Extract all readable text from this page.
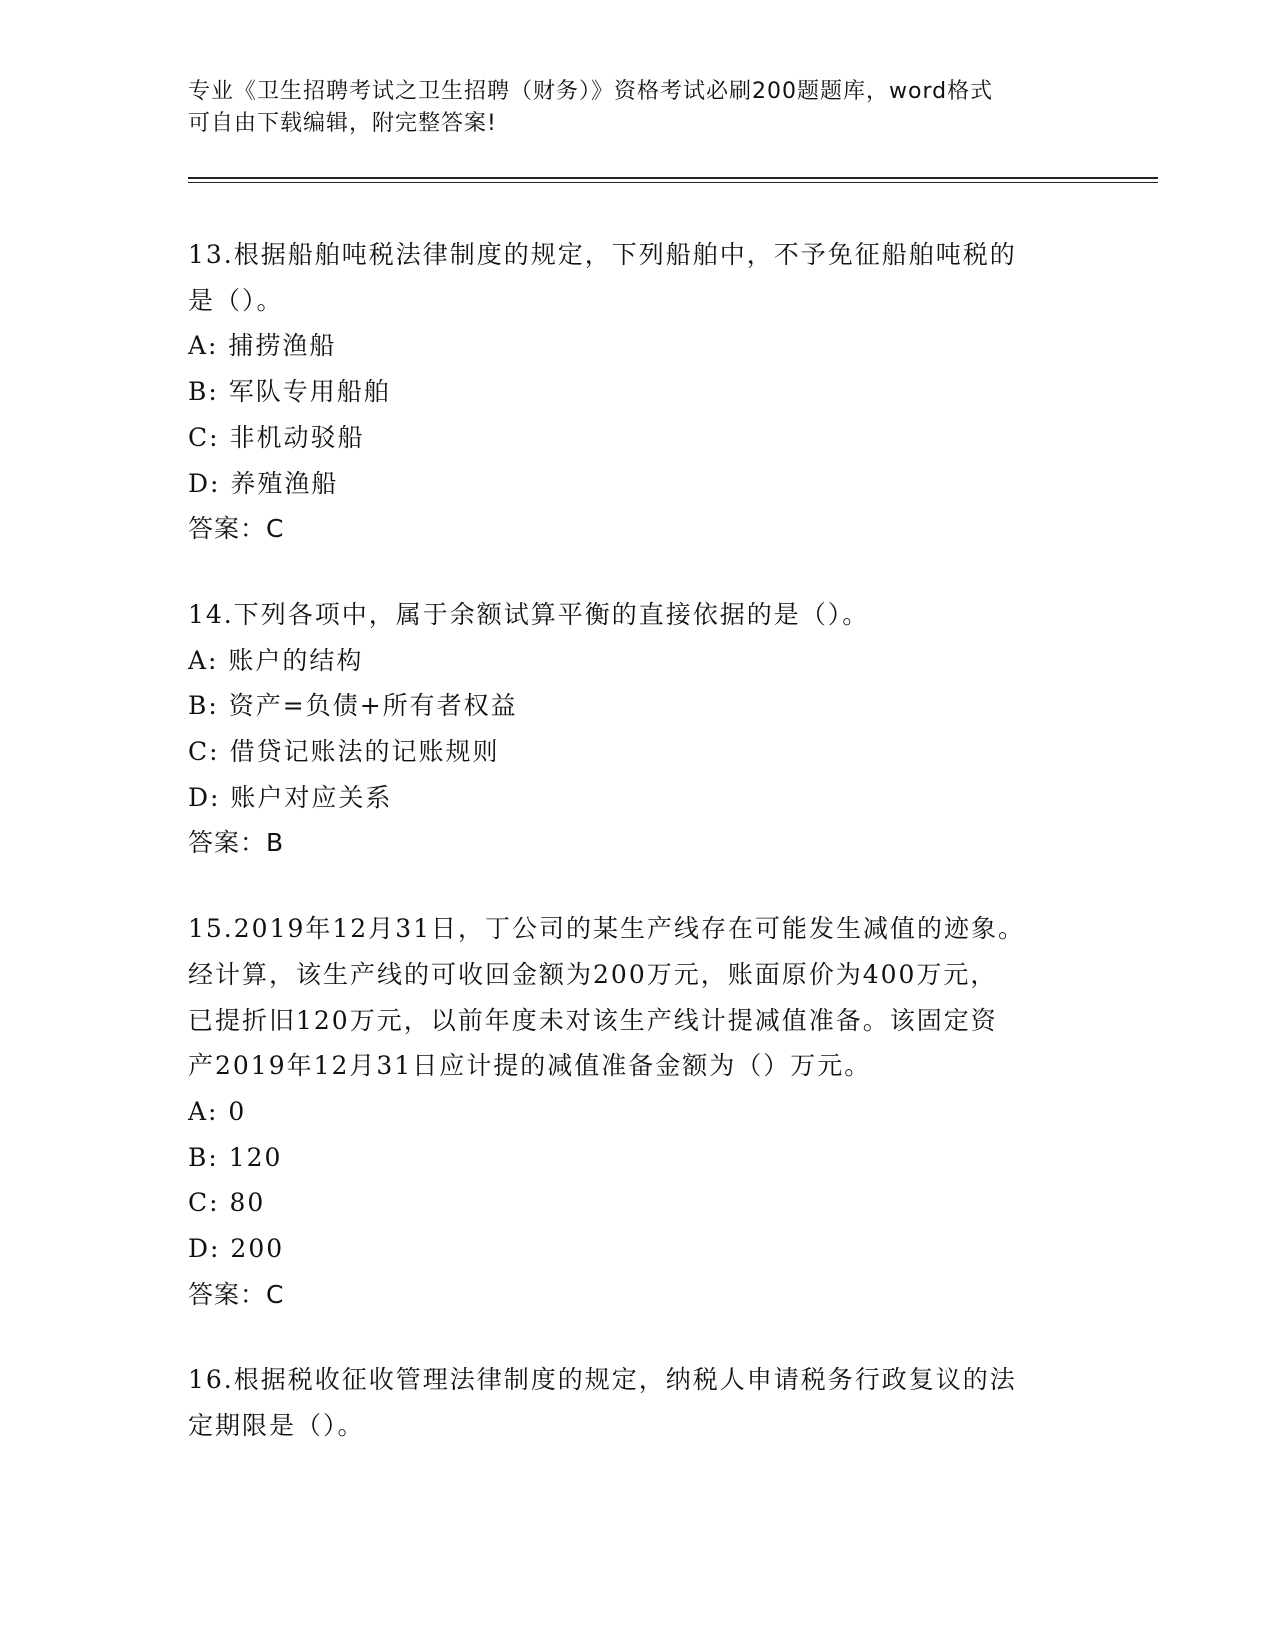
专业《卫生招聘考试之卫生招聘（财务）》资格考试必刷200题题库，word格式
可自由下载编辑，附完整答案!
13.根据船舶吨税法律制度的规定，下列船舶中，不予免征船舶吨税的
是（）。
A: 捕捞渔船
B: 军队专用船舶
C: 非机动驳船
D: 养殖渔船
答案：C
14.下列各项中，属于余额试算平衡的直接依据的是（）。
A: 账户的结构
B: 资产=负债+所有者权益
C: 借贷记账法的记账规则
D: 账户对应关系
答案：B
15.2019年12月31日，丁公司的某生产线存在可能发生减值的迹象。
经计算，该生产线的可收回金额为200万元，账面原价为400万元，
已提折旧120万元，以前年度未对该生产线计提减值准备。该固定资
产2019年12月31日应计提的减值准备金额为（）万元。
A: 0
B: 120
C: 80
D: 200
答案：C
16.根据税收征收管理法律制度的规定，纳税人申请税务行政复议的法
定期限是（）。
